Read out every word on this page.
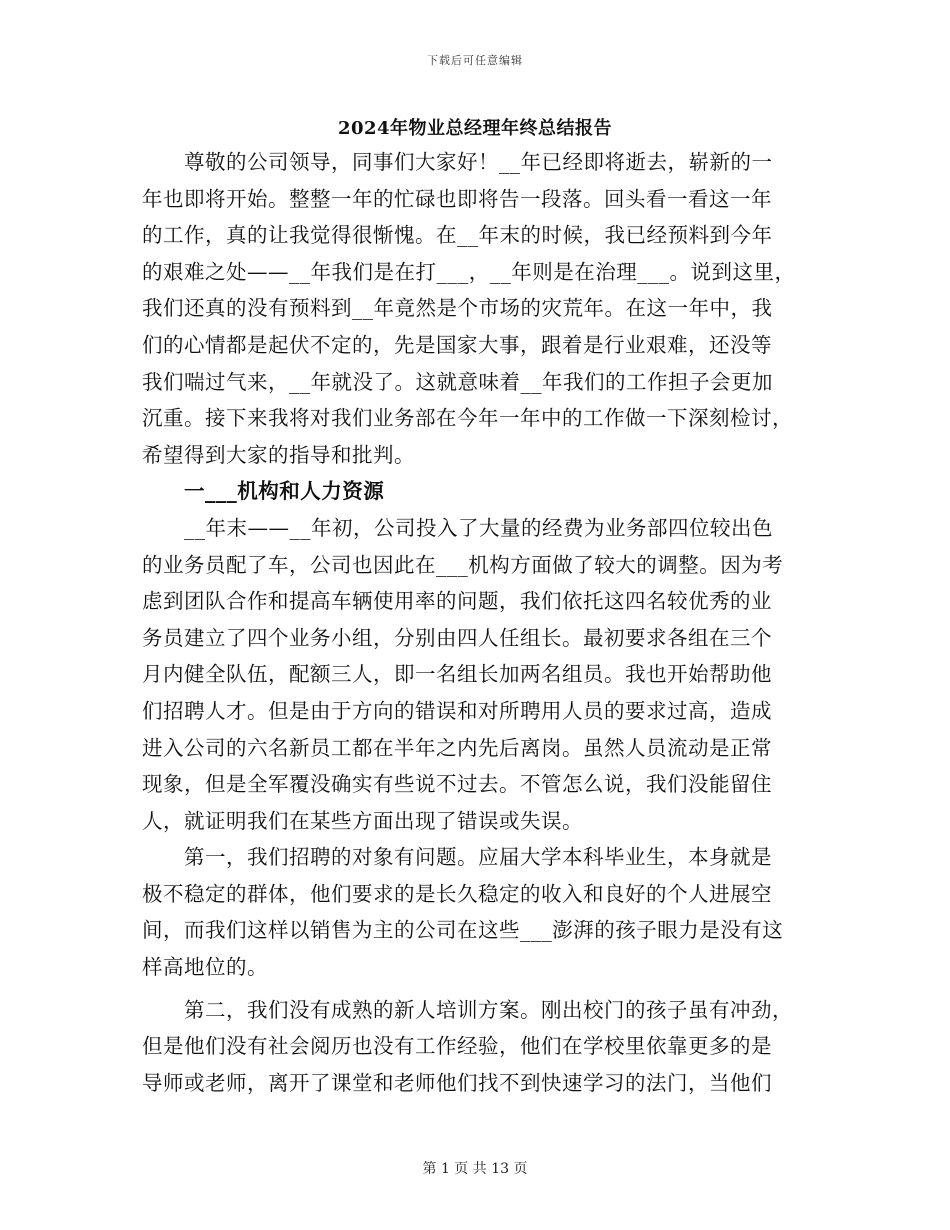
下载后可任意编辑
2024年物业总经理年终总结报告
尊敬的公司领导，同事们大家好！__年已经即将逝去，崭新的一
年也即将开始。整整一年的忙碌也即将告一段落。回头看一看这一年
的工作，真的让我觉得很惭愧。在__年末的时候，我已经预料到今年
的艰难之处——__年我们是在打___，__年则是在治理___。说到这里，
我们还真的没有预料到__年竟然是个市场的灾荒年。在这一年中，我
们的心情都是起伏不定的，先是国家大事，跟着是行业艰难，还没等
我们喘过气来，__年就没了。这就意味着__年我们的工作担子会更加
沉重。接下来我将对我们业务部在今年一年中的工作做一下深刻检讨，
希望得到大家的指导和批判。
一___机构和人力资源
__年末——__年初，公司投入了大量的经费为业务部四位较出色
的业务员配了车，公司也因此在___机构方面做了较大的调整。因为考
虑到团队合作和提高车辆使用率的问题，我们依托这四名较优秀的业
务员建立了四个业务小组，分别由四人任组长。最初要求各组在三个
月内健全队伍，配额三人，即一名组长加两名组员。我也开始帮助他
们招聘人才。但是由于方向的错误和对所聘用人员的要求过高，造成
进入公司的六名新员工都在半年之内先后离岗。虽然人员流动是正常
现象，但是全军覆没确实有些说不过去。不管怎么说，我们没能留住
人，就证明我们在某些方面出现了错误或失误。
第一，我们招聘的对象有问题。应届大学本科毕业生，本身就是
极不稳定的群体，他们要求的是长久稳定的收入和良好的个人进展空
间，而我们这样以销售为主的公司在这些___澎湃的孩子眼力是没有这
样高地位的。
第二，我们没有成熟的新人培训方案。刚出校门的孩子虽有冲劲，
但是他们没有社会阅历也没有工作经验，他们在学校里依靠更多的是
导师或老师，离开了课堂和老师他们找不到快速学习的法门，当他们
第 1 页 共 13 页
